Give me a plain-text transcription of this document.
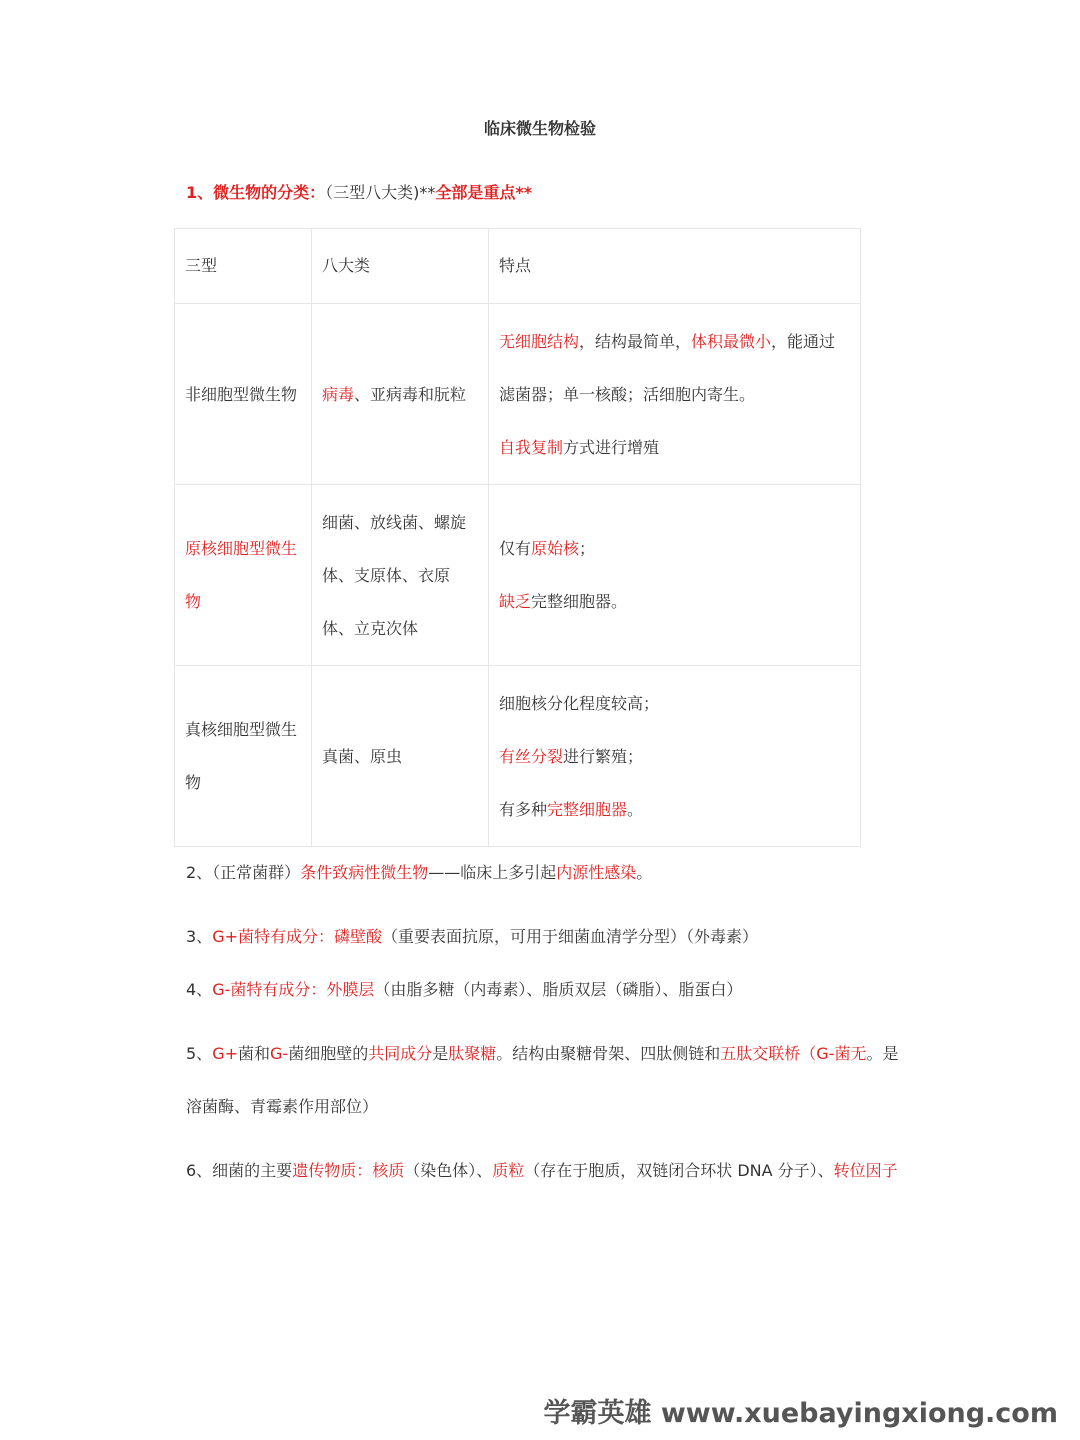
临床微生物检验
1、微生物的分类：（三型八大类)**全部是重点**
三型	八大类	特点
非细胞型微生物	病毒、亚病毒和朊粒	无细胞结构，结构最简单，体积最微小，能通过滤菌器；单一核酸；活细胞内寄生。
自我复制方式进行增殖

原核细胞型微生物	细菌、放线菌、螺旋体、支原体、衣原体、立克次体	仅有原始核；
缺乏完整细胞器。

真核细胞型微生物	真菌、原虫	细胞核分化程度较高；
有丝分裂进行繁殖；
有多种完整细胞器。
2、（正常菌群）条件致病性微生物——临床上多引起内源性感染。
3、G+菌特有成分：磷壁酸（重要表面抗原，可用于细菌血清学分型）（外毒素）
4、G-菌特有成分：外膜层（由脂多糖（内毒素）、脂质双层（磷脂）、脂蛋白）
5、G+菌和G-菌细胞壁的共同成分是肽聚糖。结构由聚糖骨架、四肽侧链和五肽交联桥（G-菌无。是溶菌酶、青霉素作用部位）
6、细菌的主要遗传物质：核质（染色体）、质粒（存在于胞质，双链闭合环状 DNA 分子）、转位因子
学霸英雄 www.xuebayingxiong.com
